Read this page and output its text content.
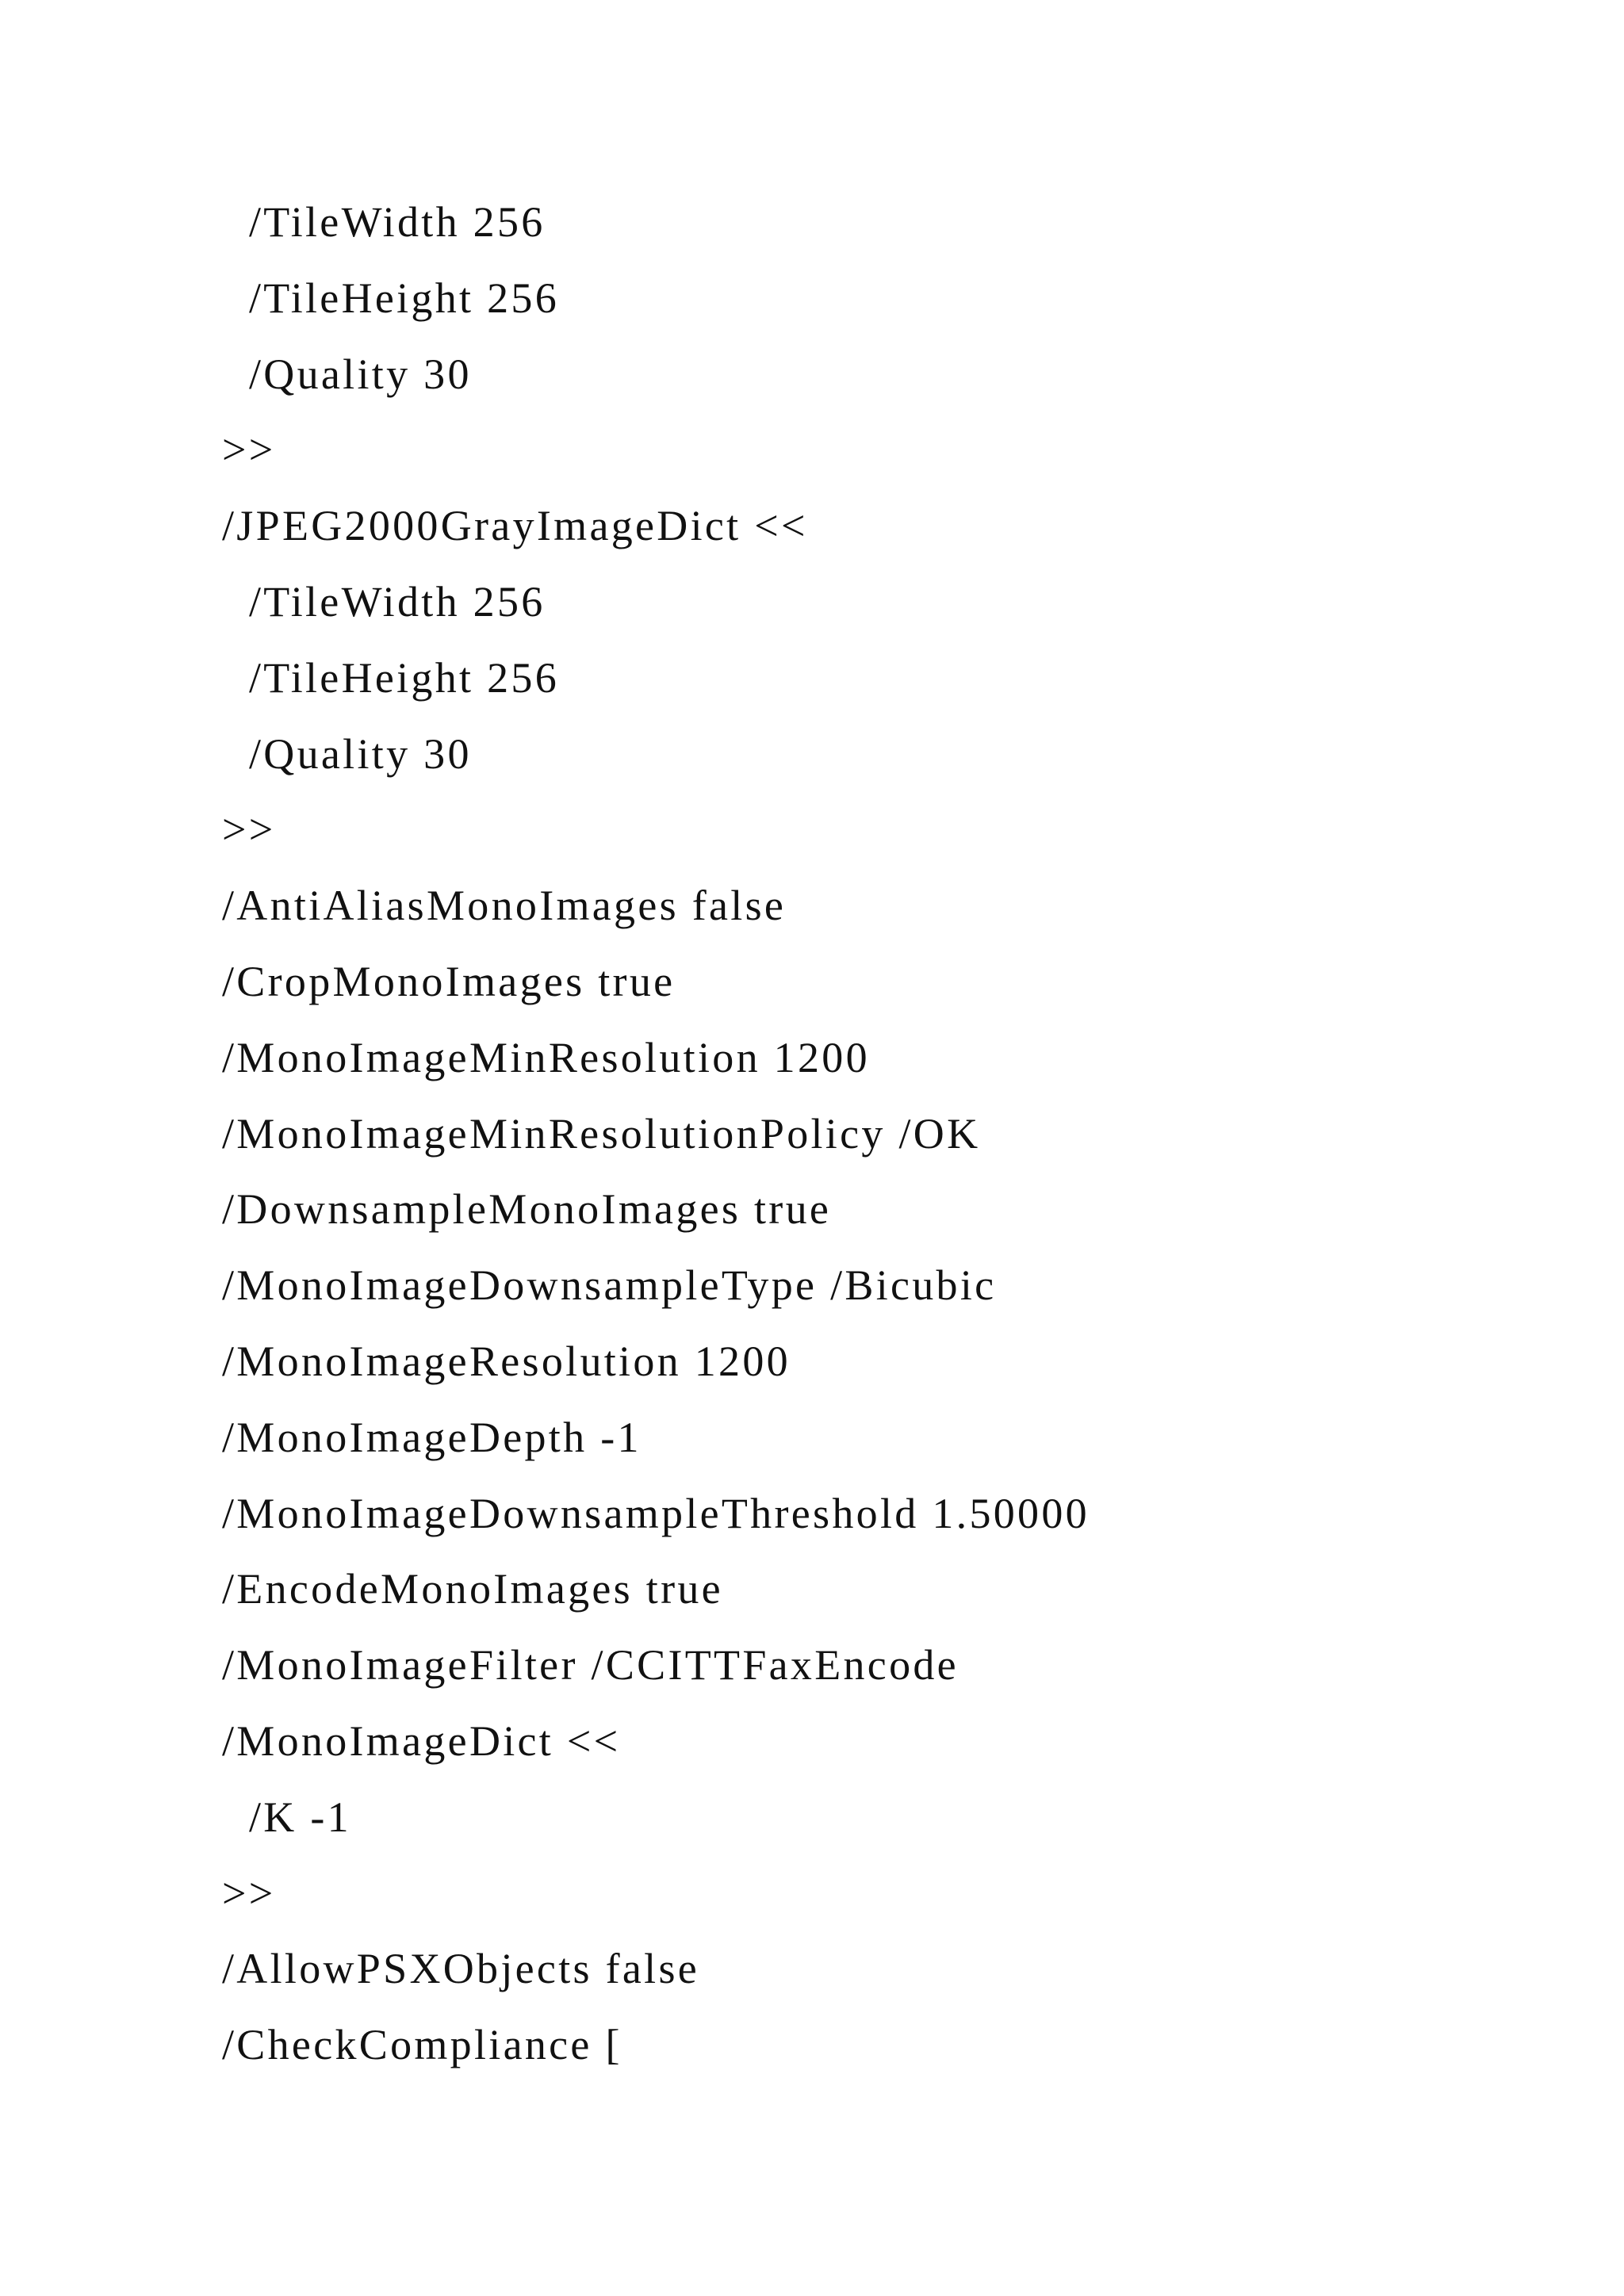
/TileWidth 256
/TileHeight 256
/Quality 30
>>
/JPEG2000GrayImageDict <<
/TileWidth 256
/TileHeight 256
/Quality 30
>>
/AntiAliasMonoImages false
/CropMonoImages true
/MonoImageMinResolution 1200
/MonoImageMinResolutionPolicy /OK
/DownsampleMonoImages true
/MonoImageDownsampleType /Bicubic
/MonoImageResolution 1200
/MonoImageDepth -1
/MonoImageDownsampleThreshold 1.50000
/EncodeMonoImages true
/MonoImageFilter /CCITTFaxEncode
/MonoImageDict <<
/K -1
>>
/AllowPSXObjects false
/CheckCompliance [
